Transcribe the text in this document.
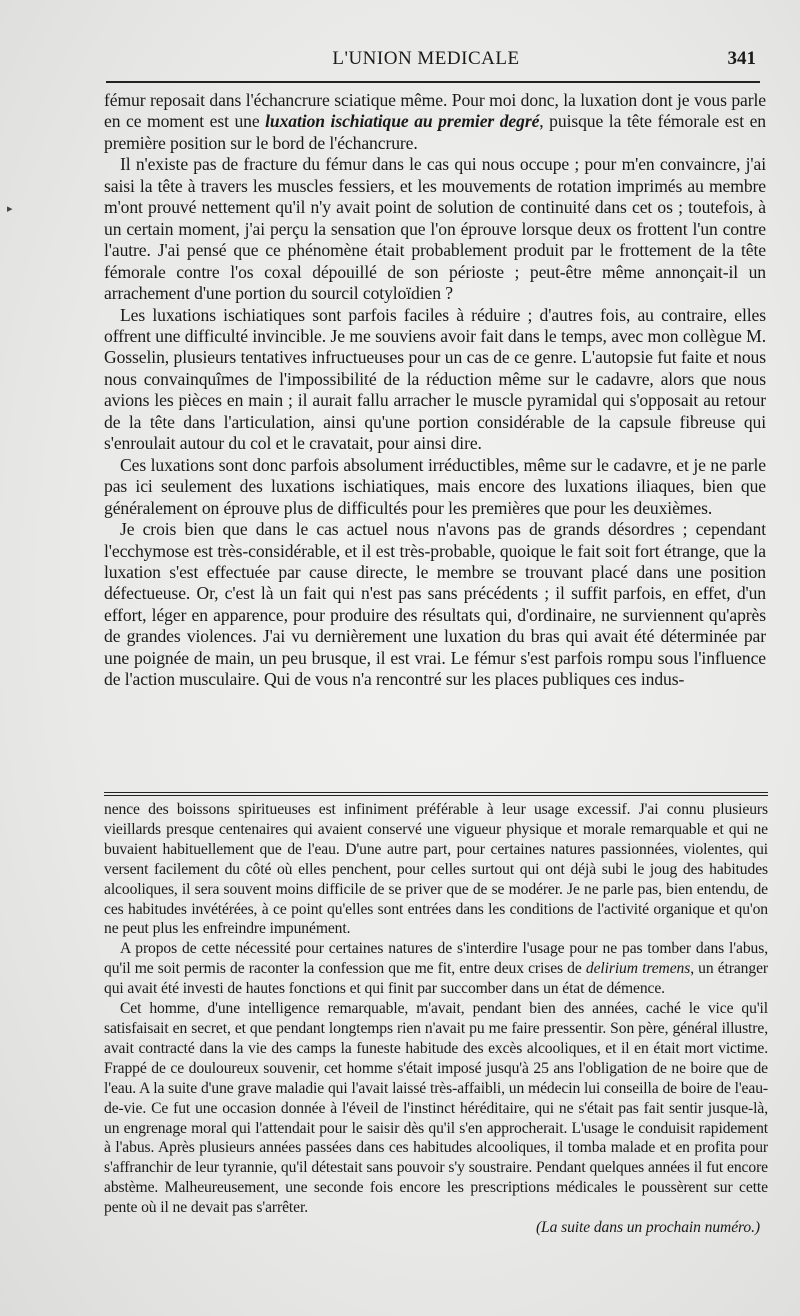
▸
L'UNION MEDICALE	341

fémur reposait dans l'échancrure sciatique même. Pour moi donc, la luxation dont je vous parle en ce moment est une luxation ischiatique au premier degré, puisque la tête fémorale est en première position sur le bord de l'échancrure.

Il n'existe pas de fracture du fémur dans le cas qui nous occupe ; pour m'en convaincre, j'ai saisi la tête à travers les muscles fessiers, et les mouvements de rotation imprimés au membre m'ont prouvé nettement qu'il n'y avait point de solution de continuité dans cet os ; toutefois, à un certain moment, j'ai perçu la sensation que l'on éprouve lorsque deux os frottent l'un contre l'autre. J'ai pensé que ce phénomène était probablement produit par le frottement de la tête fémorale contre l'os coxal dépouillé de son périoste ; peut-être même annonçait-il un arrachement d'une portion du sourcil cotyloïdien ?

Les luxations ischiatiques sont parfois faciles à réduire ; d'autres fois, au contraire, elles offrent une difficulté invincible. Je me souviens avoir fait dans le temps, avec mon collègue M. Gosselin, plusieurs tentatives infructueuses pour un cas de ce genre. L'autopsie fut faite et nous nous convainquîmes de l'impossibilité de la réduction même sur le cadavre, alors que nous avions les pièces en main ; il aurait fallu arracher le muscle pyramidal qui s'opposait au retour de la tête dans l'articulation, ainsi qu'une portion considérable de la capsule fibreuse qui s'enroulait autour du col et le cravatait, pour ainsi dire.

Ces luxations sont donc parfois absolument irréductibles, même sur le cadavre, et je ne parle pas ici seulement des luxations ischiatiques, mais encore des luxations iliaques, bien que généralement on éprouve plus de difficultés pour les premières que pour les deuxièmes.

Je crois bien que dans le cas actuel nous n'avons pas de grands désordres ; cependant l'ecchymose est très-considérable, et il est très-probable, quoique le fait soit fort étrange, que la luxation s'est effectuée par cause directe, le membre se trouvant placé dans une position défectueuse. Or, c'est là un fait qui n'est pas sans précédents ; il suffit parfois, en effet, d'un effort, léger en apparence, pour produire des résultats qui, d'ordinaire, ne surviennent qu'après de grandes violences. J'ai vu dernièrement une luxation du bras qui avait été déterminée par une poignée de main, un peu brusque, il est vrai. Le fémur s'est parfois rompu sous l'influence de l'action musculaire. Qui de vous n'a rencontré sur les places publiques ces indus-

nence des boissons spiritueuses est infiniment préférable à leur usage excessif. J'ai connu plusieurs vieillards presque centenaires qui avaient conservé une vigueur physique et morale remarquable et qui ne buvaient habituellement que de l'eau. D'une autre part, pour certaines natures passionnées, violentes, qui versent facilement du côté où elles penchent, pour celles surtout qui ont déjà subi le joug des habitudes alcooliques, il sera souvent moins difficile de se priver que de se modérer. Je ne parle pas, bien entendu, de ces habitudes invétérées, à ce point qu'elles sont entrées dans les conditions de l'activité organique et qu'on ne peut plus les enfreindre impunément.

A propos de cette nécessité pour certaines natures de s'interdire l'usage pour ne pas tomber dans l'abus, qu'il me soit permis de raconter la confession que me fit, entre deux crises de delirium tremens, un étranger qui avait été investi de hautes fonctions et qui finit par succomber dans un état de démence.

Cet homme, d'une intelligence remarquable, m'avait, pendant bien des années, caché le vice qu'il satisfaisait en secret, et que pendant longtemps rien n'avait pu me faire pressentir. Son père, général illustre, avait contracté dans la vie des camps la funeste habitude des excès alcooliques, et il en était mort victime. Frappé de ce douloureux souvenir, cet homme s'était imposé jusqu'à 25 ans l'obligation de ne boire que de l'eau. A la suite d'une grave maladie qui l'avait laissé très-affaibli, un médecin lui conseilla de boire de l'eau-de-vie. Ce fut une occasion donnée à l'éveil de l'instinct héréditaire, qui ne s'était pas fait sentir jusque-là, un engrenage moral qui l'attendait pour le saisir dès qu'il s'en approcherait. L'usage le conduisit rapidement à l'abus. Après plusieurs années passées dans ces habitudes alcooliques, il tomba malade et en profita pour s'affranchir de leur tyrannie, qu'il détestait sans pouvoir s'y soustraire. Pendant quelques années il fut encore abstème. Malheureusement, une seconde fois encore les prescriptions médicales le poussèrent sur cette pente où il ne devait pas s'arrêter.

(La suite dans un prochain numéro.)
